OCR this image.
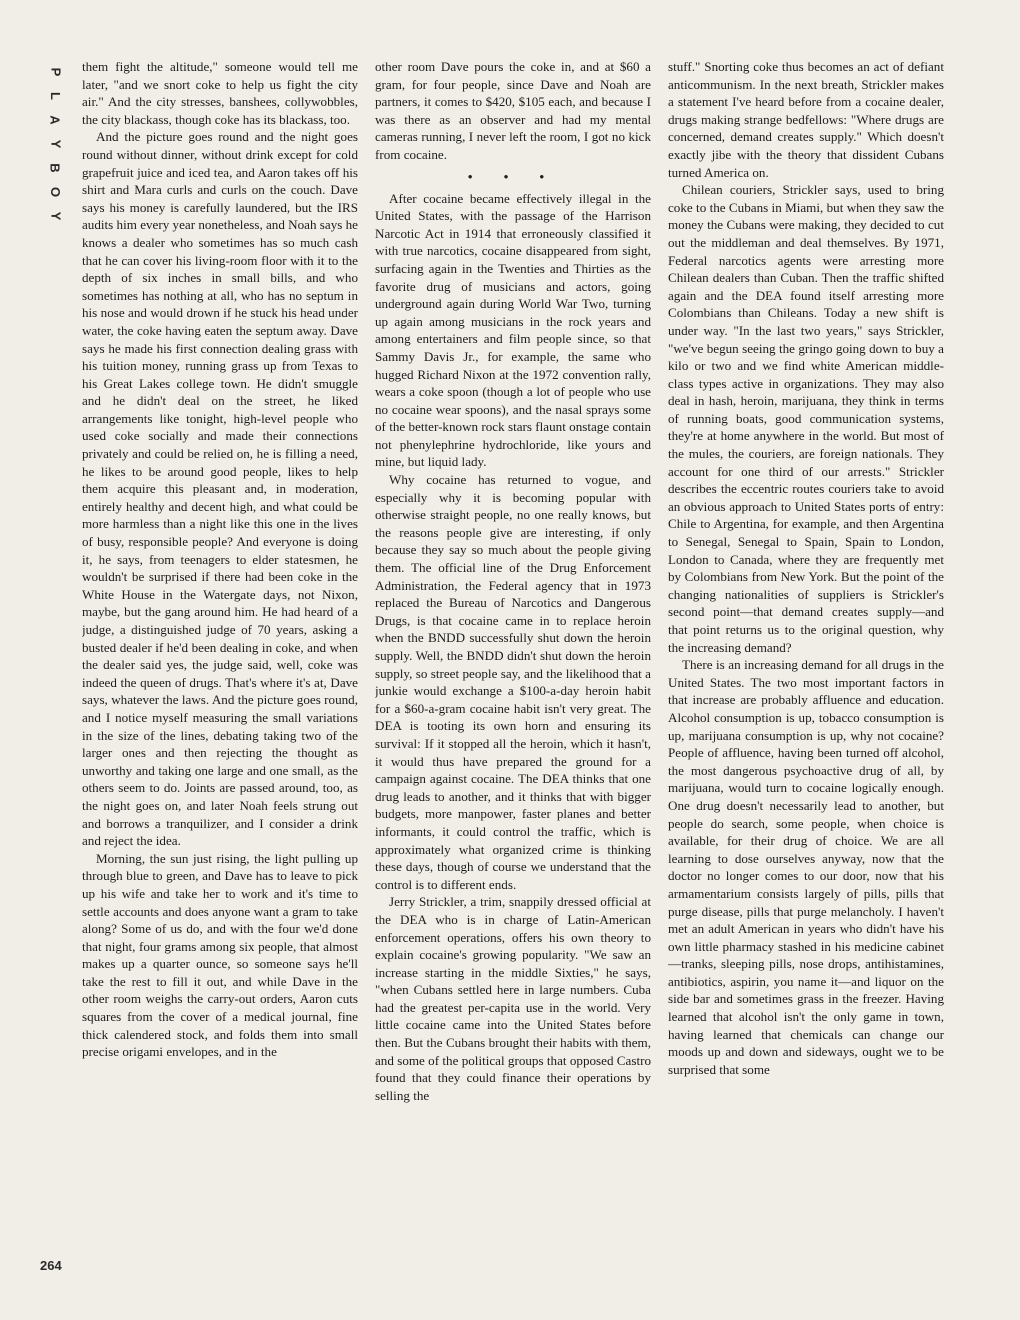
P
L
A
Y
B
O
Y

them fight the altitude," someone would tell me later, "and we snort coke to help us fight the city air." And the city stresses, banshees, collywobbles, the city blackass, though coke has its blackass, too.

And the picture goes round and the night goes round without dinner, without drink except for cold grapefruit juice and iced tea, and Aaron takes off his shirt and Mara curls and curls on the couch. Dave says his money is carefully laundered, but the IRS audits him every year nonetheless, and Noah says he knows a dealer who sometimes has so much cash that he can cover his living-room floor with it to the depth of six inches in small bills, and who sometimes has nothing at all, who has no septum in his nose and would drown if he stuck his head under water, the coke having eaten the septum away. Dave says he made his first connection dealing grass with his tuition money, running grass up from Texas to his Great Lakes college town. He didn't smuggle and he didn't deal on the street, he liked arrangements like tonight, high-level people who used coke socially and made their connections privately and could be relied on, he is filling a need, he likes to be around good people, likes to help them acquire this pleasant and, in moderation, entirely healthy and decent high, and what could be more harmless than a night like this one in the lives of busy, responsible people? And everyone is doing it, he says, from teenagers to elder statesmen, he wouldn't be surprised if there had been coke in the White House in the Watergate days, not Nixon, maybe, but the gang around him. He had heard of a judge, a distinguished judge of 70 years, asking a busted dealer if he'd been dealing in coke, and when the dealer said yes, the judge said, well, coke was indeed the queen of drugs. That's where it's at, Dave says, whatever the laws. And the picture goes round, and I notice myself measuring the small variations in the size of the lines, debating taking two of the larger ones and then rejecting the thought as unworthy and taking one large and one small, as the others seem to do. Joints are passed around, too, as the night goes on, and later Noah feels strung out and borrows a tranquilizer, and I consider a drink and reject the idea.

Morning, the sun just rising, the light pulling up through blue to green, and Dave has to leave to pick up his wife and take her to work and it's time to settle accounts and does anyone want a gram to take along? Some of us do, and with the four we'd done that night, four grams among six people, that almost makes up a quarter ounce, so someone says he'll take the rest to fill it out, and while Dave in the other room weighs the carry-out orders, Aaron cuts squares from the cover of a medical journal, fine thick calendered stock, and folds them into small precise origami envelopes, and in the

other room Dave pours the coke in, and at $60 a gram, for four people, since Dave and Noah are partners, it comes to $420, $105 each, and because I was there as an observer and had my mental cameras running, I never left the room, I got no kick from cocaine.

• • •

After cocaine became effectively illegal in the United States, with the passage of the Harrison Narcotic Act in 1914 that erroneously classified it with true narcotics, cocaine disappeared from sight, surfacing again in the Twenties and Thirties as the favorite drug of musicians and actors, going underground again during World War Two, turning up again among musicians in the rock years and among entertainers and film people since, so that Sammy Davis Jr., for example, the same who hugged Richard Nixon at the 1972 convention rally, wears a coke spoon (though a lot of people who use no cocaine wear spoons), and the nasal sprays some of the better-known rock stars flaunt onstage contain not phenylephrine hydrochloride, like yours and mine, but liquid lady.

Why cocaine has returned to vogue, and especially why it is becoming popular with otherwise straight people, no one really knows, but the reasons people give are interesting, if only because they say so much about the people giving them. The official line of the Drug Enforcement Administration, the Federal agency that in 1973 replaced the Bureau of Narcotics and Dangerous Drugs, is that cocaine came in to replace heroin when the BNDD successfully shut down the heroin supply. Well, the BNDD didn't shut down the heroin supply, so street people say, and the likelihood that a junkie would exchange a $100-a-day heroin habit for a $60-a-gram cocaine habit isn't very great. The DEA is tooting its own horn and ensuring its survival: If it stopped all the heroin, which it hasn't, it would thus have prepared the ground for a campaign against cocaine. The DEA thinks that one drug leads to another, and it thinks that with bigger budgets, more manpower, faster planes and better informants, it could control the traffic, which is approximately what organized crime is thinking these days, though of course we understand that the control is to different ends.

Jerry Strickler, a trim, snappily dressed official at the DEA who is in charge of Latin-American enforcement operations, offers his own theory to explain cocaine's growing popularity. "We saw an increase starting in the middle Sixties," he says, "when Cubans settled here in large numbers. Cuba had the greatest per-capita use in the world. Very little cocaine came into the United States before then. But the Cubans brought their habits with them, and some of the political groups that opposed Castro found that they could finance their operations by selling the

stuff." Snorting coke thus becomes an act of defiant anticommunism. In the next breath, Strickler makes a statement I've heard before from a cocaine dealer, drugs making strange bedfellows: "Where drugs are concerned, demand creates supply." Which doesn't exactly jibe with the theory that dissident Cubans turned America on.

Chilean couriers, Strickler says, used to bring coke to the Cubans in Miami, but when they saw the money the Cubans were making, they decided to cut out the middleman and deal themselves. By 1971, Federal narcotics agents were arresting more Chilean dealers than Cuban. Then the traffic shifted again and the DEA found itself arresting more Colombians than Chileans. Today a new shift is under way. "In the last two years," says Strickler, "we've begun seeing the gringo going down to buy a kilo or two and we find white American middle-class types active in organizations. They may also deal in hash, heroin, marijuana, they think in terms of running boats, good communication systems, they're at home anywhere in the world. But most of the mules, the couriers, are foreign nationals. They account for one third of our arrests." Strickler describes the eccentric routes couriers take to avoid an obvious approach to United States ports of entry: Chile to Argentina, for example, and then Argentina to Senegal, Senegal to Spain, Spain to London, London to Canada, where they are frequently met by Colombians from New York. But the point of the changing nationalities of suppliers is Strickler's second point—that demand creates supply—and that point returns us to the original question, why the increasing demand?

There is an increasing demand for all drugs in the United States. The two most important factors in that increase are probably affluence and education. Alcohol consumption is up, tobacco consumption is up, marijuana consumption is up, why not cocaine? People of affluence, having been turned off alcohol, the most dangerous psychoactive drug of all, by marijuana, would turn to cocaine logically enough. One drug doesn't necessarily lead to another, but people do search, some people, when choice is available, for their drug of choice. We are all learning to dose ourselves anyway, now that the doctor no longer comes to our door, now that his armamentarium consists largely of pills, pills that purge disease, pills that purge melancholy. I haven't met an adult American in years who didn't have his own little pharmacy stashed in his medicine cabinet—tranks, sleeping pills, nose drops, antihistamines, antibiotics, aspirin, you name it—and liquor on the side bar and sometimes grass in the freezer. Having learned that alcohol isn't the only game in town, having learned that chemicals can change our moods up and down and sideways, ought we to be surprised that some

264
